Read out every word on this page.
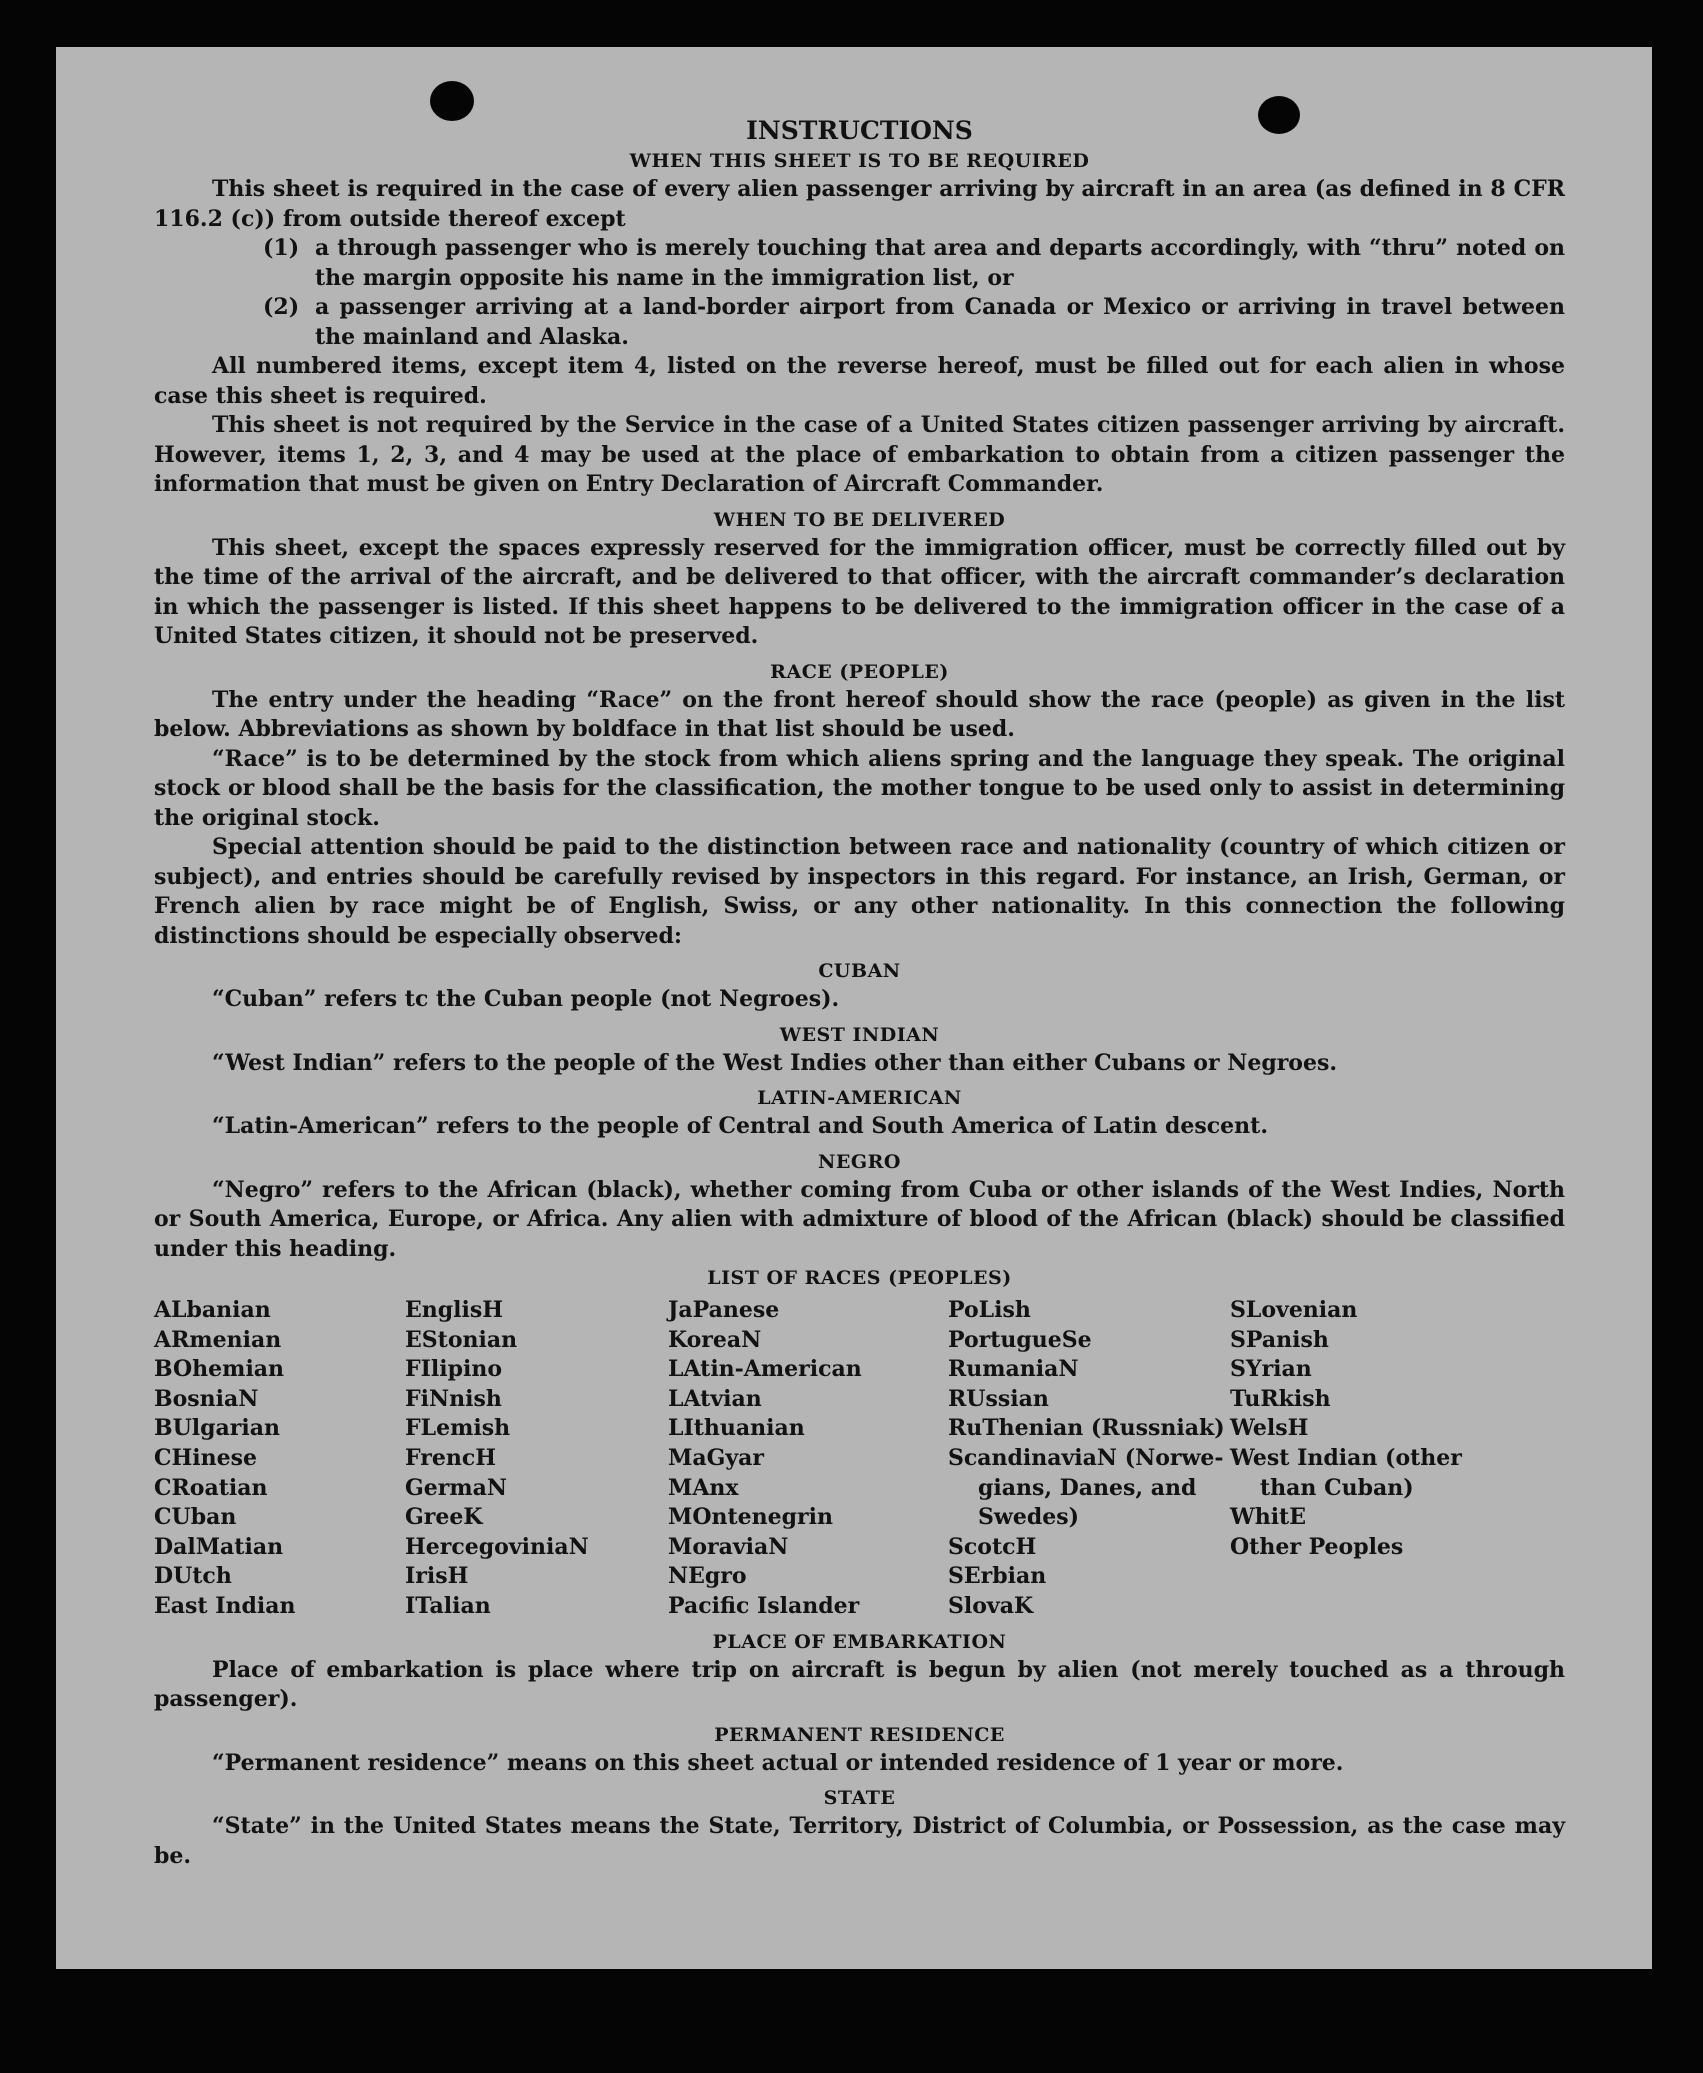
INSTRUCTIONS
WHEN THIS SHEET IS TO BE REQUIRED

This sheet is required in the case of every alien passenger arriving by aircraft in an area (as defined in 8 CFR 116.2 (c)) from outside thereof except

(1) a through passenger who is merely touching that area and departs accordingly, with “thru” noted on the margin opposite his name in the immigration list, or
(2) a passenger arriving at a land-border airport from Canada or Mexico or arriving in travel between the mainland and Alaska.

All numbered items, except item 4, listed on the reverse hereof, must be filled out for each alien in whose case this sheet is required.

This sheet is not required by the Service in the case of a United States citizen passenger arriving by aircraft. However, items 1, 2, 3, and 4 may be used at the place of embarkation to obtain from a citizen passenger the information that must be given on Entry Declaration of Aircraft Commander.

WHEN TO BE DELIVERED

This sheet, except the spaces expressly reserved for the immigration officer, must be correctly filled out by the time of the arrival of the aircraft, and be delivered to that officer, with the aircraft commander’s declaration in which the passenger is listed. If this sheet happens to be delivered to the immigration officer in the case of a United States citizen, it should not be preserved.

RACE (PEOPLE)

The entry under the heading “Race” on the front hereof should show the race (people) as given in the list below. Abbreviations as shown by boldface in that list should be used.

“Race” is to be determined by the stock from which aliens spring and the language they speak. The original stock or blood shall be the basis for the classification, the mother tongue to be used only to assist in determining the original stock.

Special attention should be paid to the distinction between race and nationality (country of which citizen or subject), and entries should be carefully revised by inspectors in this regard. For instance, an Irish, German, or French alien by race might be of English, Swiss, or any other nationality. In this connection the following distinctions should be especially observed:

CUBAN

“Cuban” refers tc the Cuban people (not Negroes).

WEST INDIAN

“West Indian” refers to the people of the West Indies other than either Cubans or Negroes.

LATIN-AMERICAN

“Latin-American” refers to the people of Central and South America of Latin descent.

NEGRO

“Negro” refers to the African (black), whether coming from Cuba or other islands of the West Indies, North or South America, Europe, or Africa. Any alien with admixture of blood of the African (black) should be classified under this heading.

LIST OF RACES (PEOPLES)
ALbanian
ARmenian
BOhemian
BosniaN
BUlgarian
CHinese
CRoatian
CUban
DalMatian
DUtch
East Indian
EnglisH
EStonian
FIlipino
FiNnish
FLemish
FrencH
GermaN
GreeK
HercegoviniaN
IrisH
ITalian
JaPanese
KoreaN
LAtin-American
LAtvian
LIthuanian
MaGyar
MAnx
MOntenegrin
MoraviaN
NEgro
Pacific Islander
PoLish
PortugueSe
RumaniaN
RUssian
RuThenian (Russniak)
ScandinaviaN (Norwe-
gians, Danes, and
Swedes)
ScotcH
SErbian
SlovaK
SLovenian
SPanish
SYrian
TuRkish
WelsH
West Indian (other
than Cuban)
WhitE
Other Peoples
PLACE OF EMBARKATION

Place of embarkation is place where trip on aircraft is begun by alien (not merely touched as a through passenger).

PERMANENT RESIDENCE

“Permanent residence” means on this sheet actual or intended residence of 1 year or more.

STATE

“State” in the United States means the State, Territory, District of Columbia, or Possession, as the case may be.
